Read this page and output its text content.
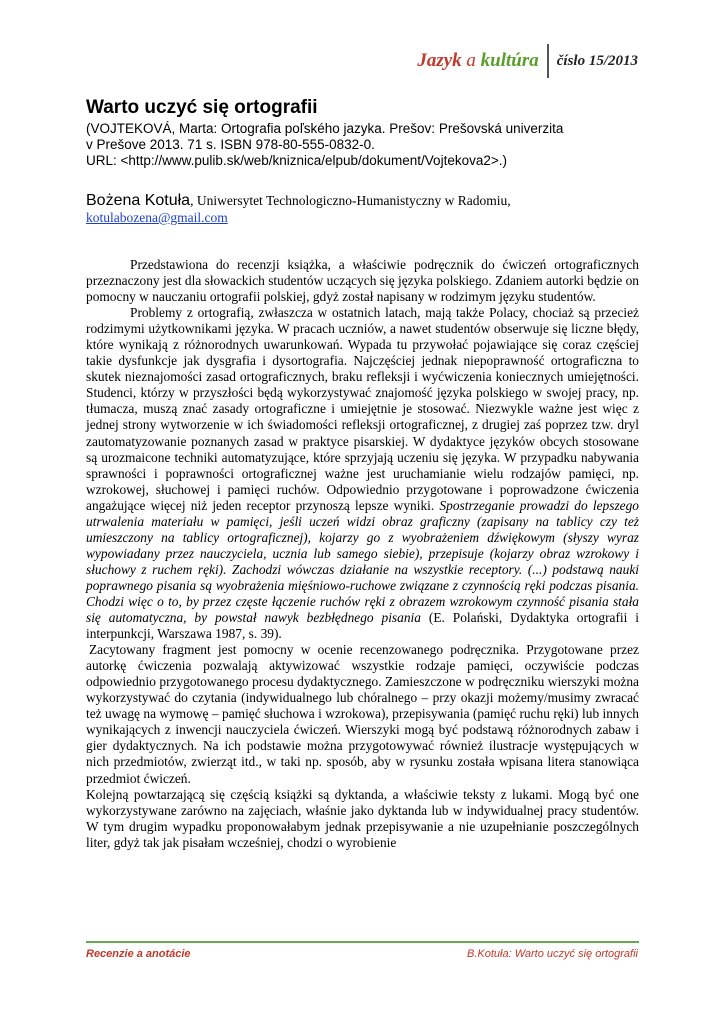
Jazyk a kultúra	číslo 15/2013
Warto uczyć się ortografii

(VOJTEKOVÁ, Marta: Ortografia poľského jazyka. Prešov: Prešovská univerzita

v Prešove 2013. 71 s. ISBN 978-80-555-0832-0.

URL: <http://www.pulib.sk/web/kniznica/elpub/dokument/Vojtekova2>.)

Bożena Kotuła, Uniwersytet Technologiczno-Humanistyczny w Radomiu,
kotulabozena@gmail.com

Przedstawiona do recenzji książka, a właściwie podręcznik do ćwiczeń ortograficznych przeznaczony jest dla słowackich studentów uczących się języka polskiego. Zdaniem autorki będzie on pomocny w nauczaniu ortografii polskiej, gdyż został napisany w rodzimym języku studentów.

Problemy z ortografią, zwłaszcza w ostatnich latach, mają także Polacy, chociaż są przecież rodzimymi użytkownikami języka. W pracach uczniów, a nawet studentów obserwuje się liczne błędy, które wynikają z różnorodnych uwarunkowań. Wypada tu przywołać pojawiające się coraz częściej takie dysfunkcje jak dysgrafia i dysortografia. Najczęściej jednak niepoprawność ortograficzna to skutek nieznajomości zasad ortograficznych, braku refleksji i wyćwiczenia koniecznych umiejętności. Studenci, którzy w przyszłości będą wykorzystywać znajomość języka polskiego w swojej pracy, np. tłumacza, muszą znać zasady ortograficzne i umiejętnie je stosować. Niezwykle ważne jest więc z jednej strony wytworzenie w ich świadomości refleksji ortograficznej, z drugiej zaś poprzez tzw. dryl zautomatyzowanie poznanych zasad w praktyce pisarskiej. W dydaktyce języków obcych stosowane są urozmaicone techniki automatyzujące, które sprzyjają uczeniu się języka. W przypadku nabywania sprawności i poprawności ortograficznej ważne jest uruchamianie wielu rodzajów pamięci, np. wzrokowej, słuchowej i pamięci ruchów. Odpowiednio przygotowane i poprowadzone ćwiczenia angażujące więcej niż jeden receptor przynoszą lepsze wyniki. Spostrzeganie prowadzi do lepszego utrwalenia materiału w pamięci, jeśli uczeń widzi obraz graficzny (zapisany na tablicy czy też umieszczony na tablicy ortograficznej), kojarzy go z wyobrażeniem dźwiękowym (słyszy wyraz wypowiadany przez nauczyciela, ucznia lub samego siebie), przepisuje (kojarzy obraz wzrokowy i słuchowy z ruchem ręki). Zachodzi wówczas działanie na wszystkie receptory. (...) podstawą nauki poprawnego pisania są wyobrażenia mięśniowo-ruchowe związane z czynnością ręki podczas pisania. Chodzi więc o to, by przez częste łączenie ruchów ręki z obrazem wzrokowym czynność pisania stała się automatyczna, by powstał nawyk bezbłędnego pisania (E. Polański, Dydaktyka ortografii i interpunkcji, Warszawa 1987, s. 39).

Zacytowany fragment jest pomocny w ocenie recenzowanego podręcznika. Przygotowane przez autorkę ćwiczenia pozwalają aktywizować wszystkie rodzaje pamięci, oczywiście podczas odpowiednio przygotowanego procesu dydaktycznego. Zamieszczone w podręczniku wierszyki można wykorzystywać do czytania (indywidualnego lub chóralnego – przy okazji możemy/musimy zwracać też uwagę na wymowę – pamięć słuchowa i wzrokowa), przepisywania (pamięć ruchu ręki) lub innych wynikających z inwencji nauczyciela ćwiczeń. Wierszyki mogą być podstawą różnorodnych zabaw i gier dydaktycznych. Na ich podstawie można przygotowywać również ilustracje występujących w nich przedmiotów, zwierząt itd., w taki np. sposób, aby w rysunku została wpisana litera stanowiąca przedmiot ćwiczeń.

Kolejną powtarzającą się częścią książki są dyktanda, a właściwie teksty z lukami. Mogą być one wykorzystywane zarówno na zajęciach, właśnie jako dyktanda lub w indywidualnej pracy studentów. W tym drugim wypadku proponowałabym jednak przepisywanie a nie uzupełnianie poszczególnych liter, gdyż tak jak pisałam wcześniej, chodzi o wyrobienie

Recenzie a anotácie	B.Kotuła: Warto uczyć się ortografii
